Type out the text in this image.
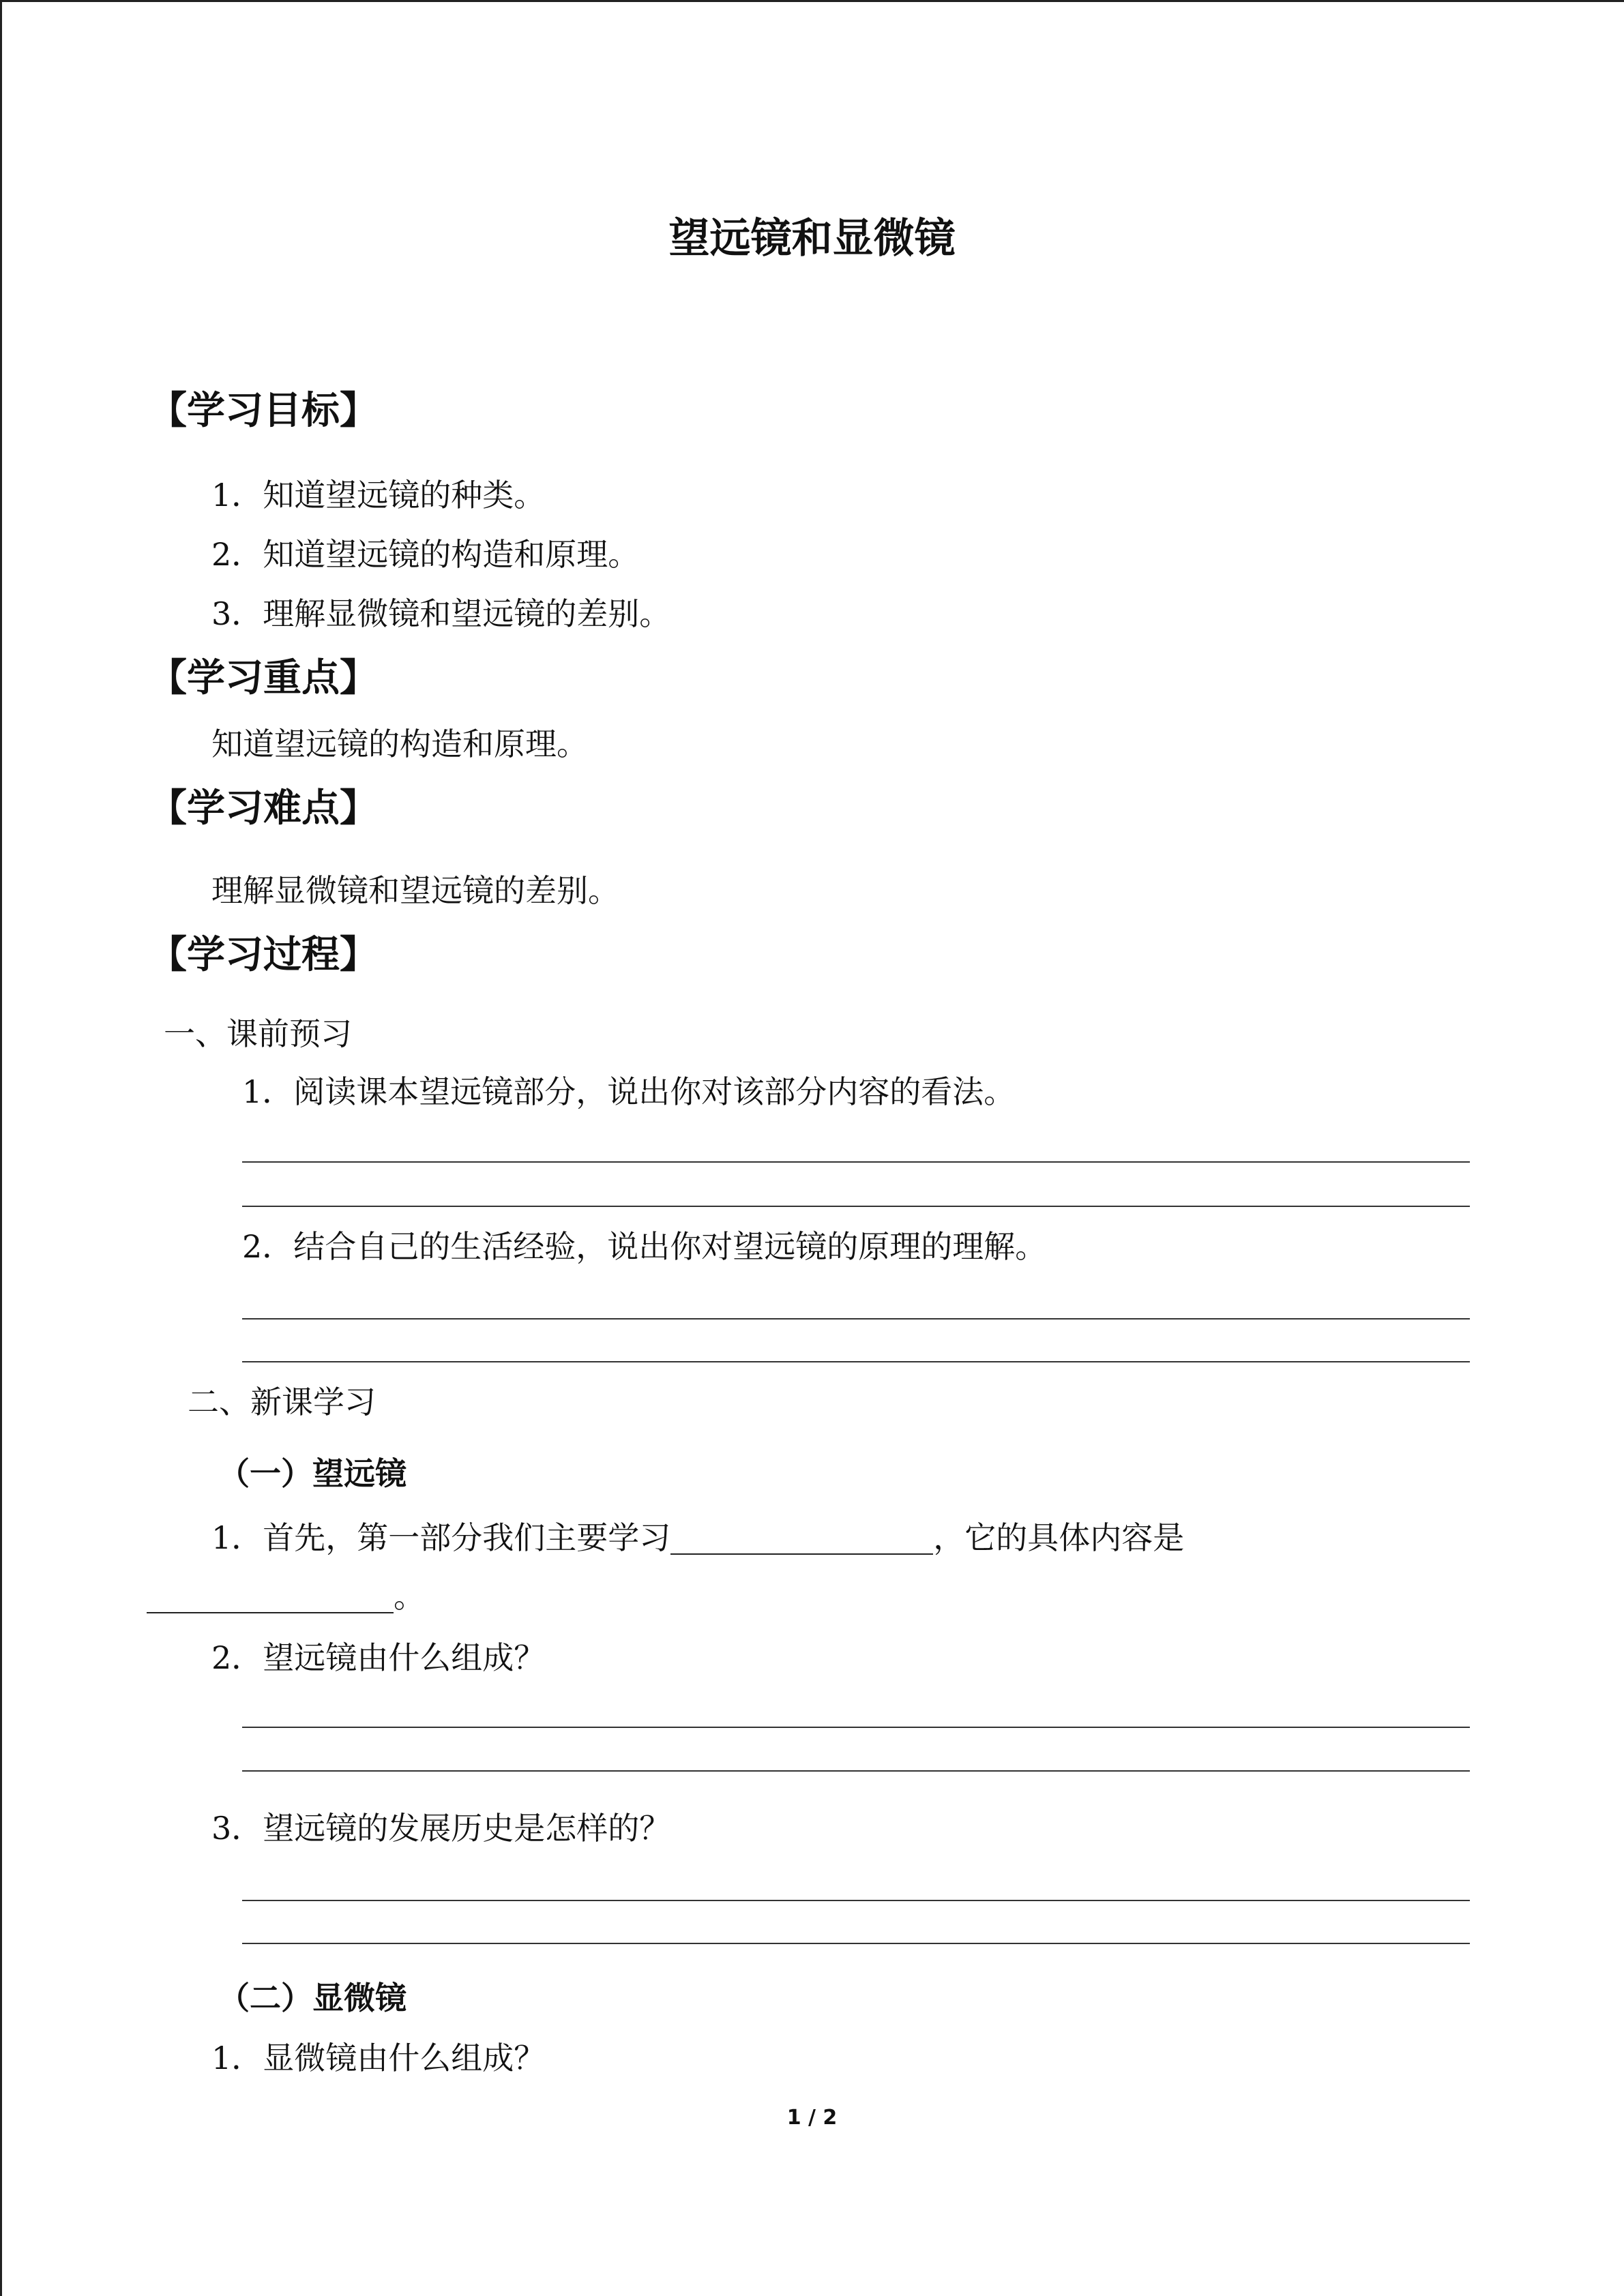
望远镜和显微镜
【学习目标】
1．知道望远镜的种类。
2．知道望远镜的构造和原理。
3．理解显微镜和望远镜的差别。
【学习重点】
知道望远镜的构造和原理。
【学习难点】
理解显微镜和望远镜的差别。
【学习过程】
一、课前预习
1．阅读课本望远镜部分，说出你对该部分内容的看法。
2．结合自己的生活经验，说出你对望远镜的原理的理解。
二、新课学习
（一）望远镜
1．首先，第一部分我们主要学习	，它的具体内容是
。
2．望远镜由什么组成？
3．望远镜的发展历史是怎样的？
（二）显微镜
1．显微镜由什么组成？
1 / 2
